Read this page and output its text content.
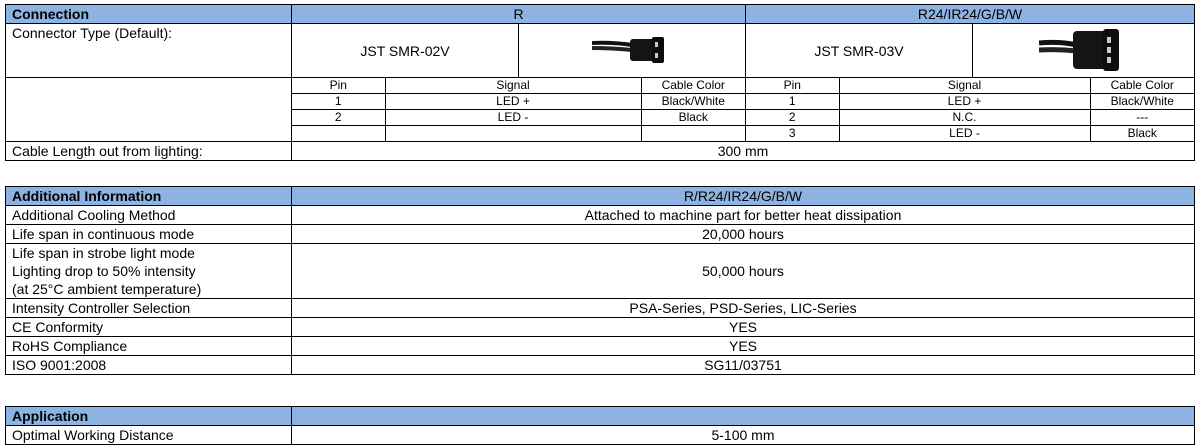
Connection	R	R24/IR24/G/B/W
Connector Type (Default):	JST SMR-02V		JST SMR-03V	

Pin	Signal	Cable Color
1	LED +	Black/White
2	LED -	Black

Pin	Signal	Cable Color
1	LED +	Black/White
2	N.C.	---
3	LED -	Black

Cable Length out from lighting:	300 mm
Additional Information	R/R24/IR24/G/B/W
Additional Cooling Method	Attached to machine part for better heat dissipation
Life span in continuous mode	20,000 hours

Life span in strobe light mode
Lighting drop to 50% intensity
(at 25°C ambient temperature)	50,000 hours
Intensity Controller Selection	PSA-Series, PSD-Series, LIC-Series
CE Conformity	YES
RoHS Compliance	YES
ISO 9001:2008	SG11/03751
Application	
Optimal Working Distance	5-100 mm
